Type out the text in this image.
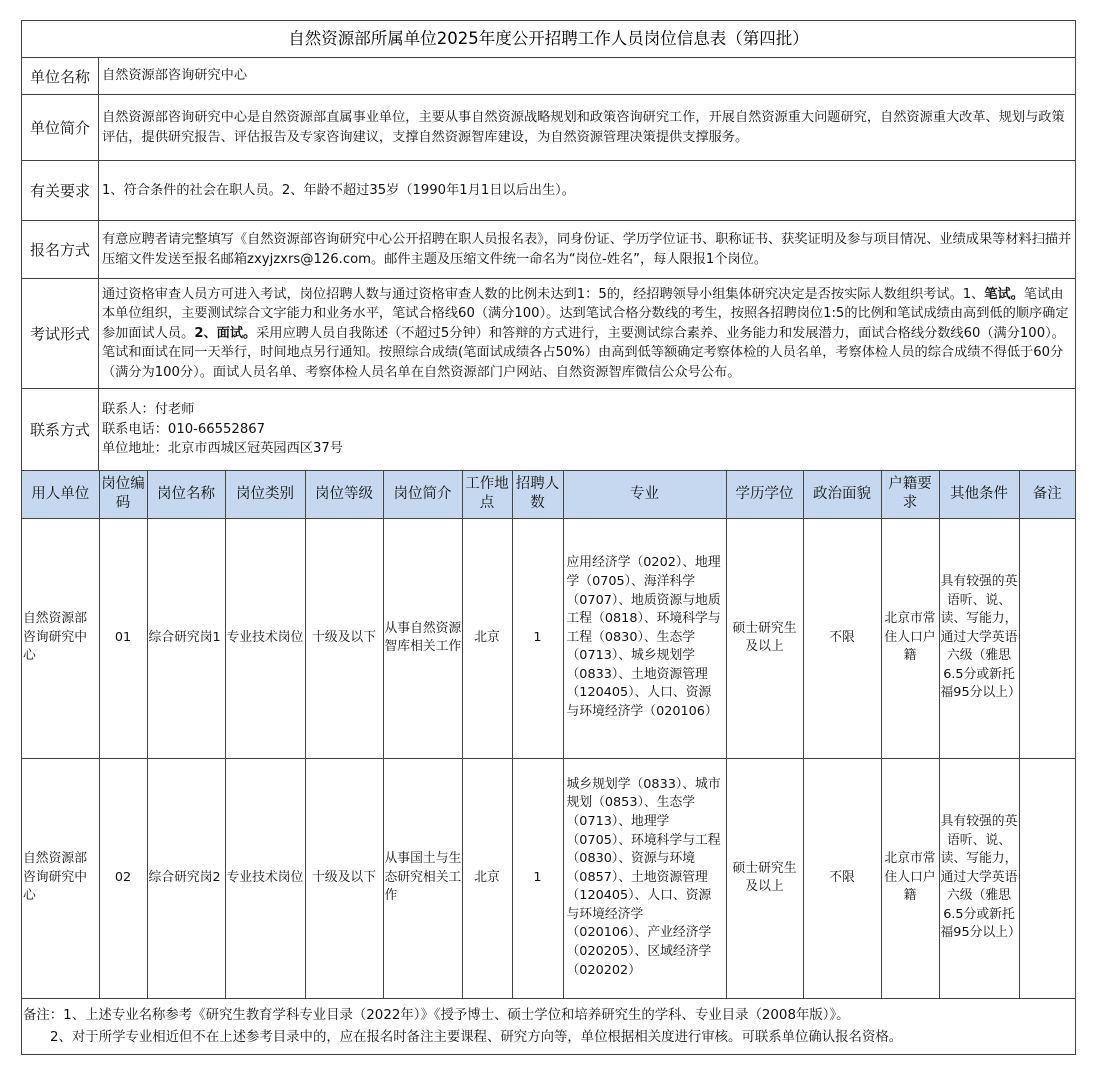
自然资源部所属单位2025年度公开招聘工作人员岗位信息表（第四批）
单位名称 自然资源部咨询研究中心
单位简介
自然资源部咨询研究中心是自然资源部直属事业单位，主要从事自然资源战略规划和政策咨询研究工作，开展自然资源重大问题研究，自然资源重大改革、规划与政策评估，提供研究报告、评估报告及专家咨询建议，支撑自然资源智库建设，为自然资源管理决策提供支撑服务。
有关要求 1、符合条件的社会在职人员。2、年龄不超过35岁（1990年1月1日以后出生）。
报名方式
有意应聘者请完整填写《自然资源部咨询研究中心公开招聘在职人员报名表》，同身份证、学历学位证书、职称证书、获奖证明及参与项目情况、业绩成果等材料扫描并压缩文件发送至报名邮箱zxyjzxrs@126.com。邮件主题及压缩文件统一命名为“岗位-姓名”，每人限报1个岗位。
考试形式
通过资格审查人员方可进入考试，岗位招聘人数与通过资格审查人数的比例未达到1：5的，经招聘领导小组集体研究决定是否按实际人数组织考试。1、笔试。笔试由本单位组织，主要测试综合文字能力和业务水平，笔试合格线60（满分100）。达到笔试合格分数线的考生，按照各招聘岗位1:5的比例和笔试成绩由高到低的顺序确定参加面试人员。2、面试。采用应聘人员自我陈述（不超过5分钟）和答辩的方式进行，主要测试综合素养、业务能力和发展潜力，面试合格线分数线60（满分100）。笔试和面试在同一天举行，时间地点另行通知。按照综合成绩(笔面试成绩各占50%）由高到低等额确定考察体检的人员名单，考察体检人员的综合成绩不得低于60分（满分为100分）。面试人员名单、考察体检人员名单在自然资源部门户网站、自然资源智库微信公众号公布。
联系方式
联系人：付老师
联系电话：010-66552867
单位地址：北京市西城区冠英园西区37号
用人单位	岗位编码	岗位名称	岗位类别	岗位等级	岗位简介	工作地点	招聘人数	专业	学历学位	政治面貌	户籍要求	其他条件	备注
自然资源部咨询研究中心	01	综合研究岗1	专业技术岗位	十级及以下	从事自然资源智库相关工作	北京	1	应用经济学（0202）、地理学（0705）、海洋科学（0707）、地质资源与地质工程（0818）、环境科学与工程（0830）、生态学（0713）、城乡规划学（0833）、土地资源管理（120405）、人口、资源与环境经济学（020106）	硕士研究生及以上	不限	北京市常住人口户籍	具有较强的英语听、说、读、写能力，通过大学英语六级（雅思6.5分或新托福95分以上）	
自然资源部咨询研究中心	02	综合研究岗2	专业技术岗位	十级及以下	从事国土与生态研究相关工作	北京	1	城乡规划学（0833）、城市规划（0853）、生态学（0713）、地理学（0705）、环境科学与工程（0830）、资源与环境（0857）、土地资源管理（120405）、人口、资源与环境经济学（020106）、产业经济学（020205）、区域经济学（020202）	硕士研究生及以上	不限	北京市常住人口户籍	具有较强的英语听、说、读、写能力，通过大学英语六级（雅思6.5分或新托福95分以上）	
备注：1、上述专业名称参考《研究生教育学科专业目录（2022年）》《授予博士、硕士学位和培养研究生的学科、专业目录（2008年版）》。
2、对于所学专业相近但不在上述参考目录中的，应在报名时备注主要课程、研究方向等，单位根据相关度进行审核。可联系单位确认报名资格。
